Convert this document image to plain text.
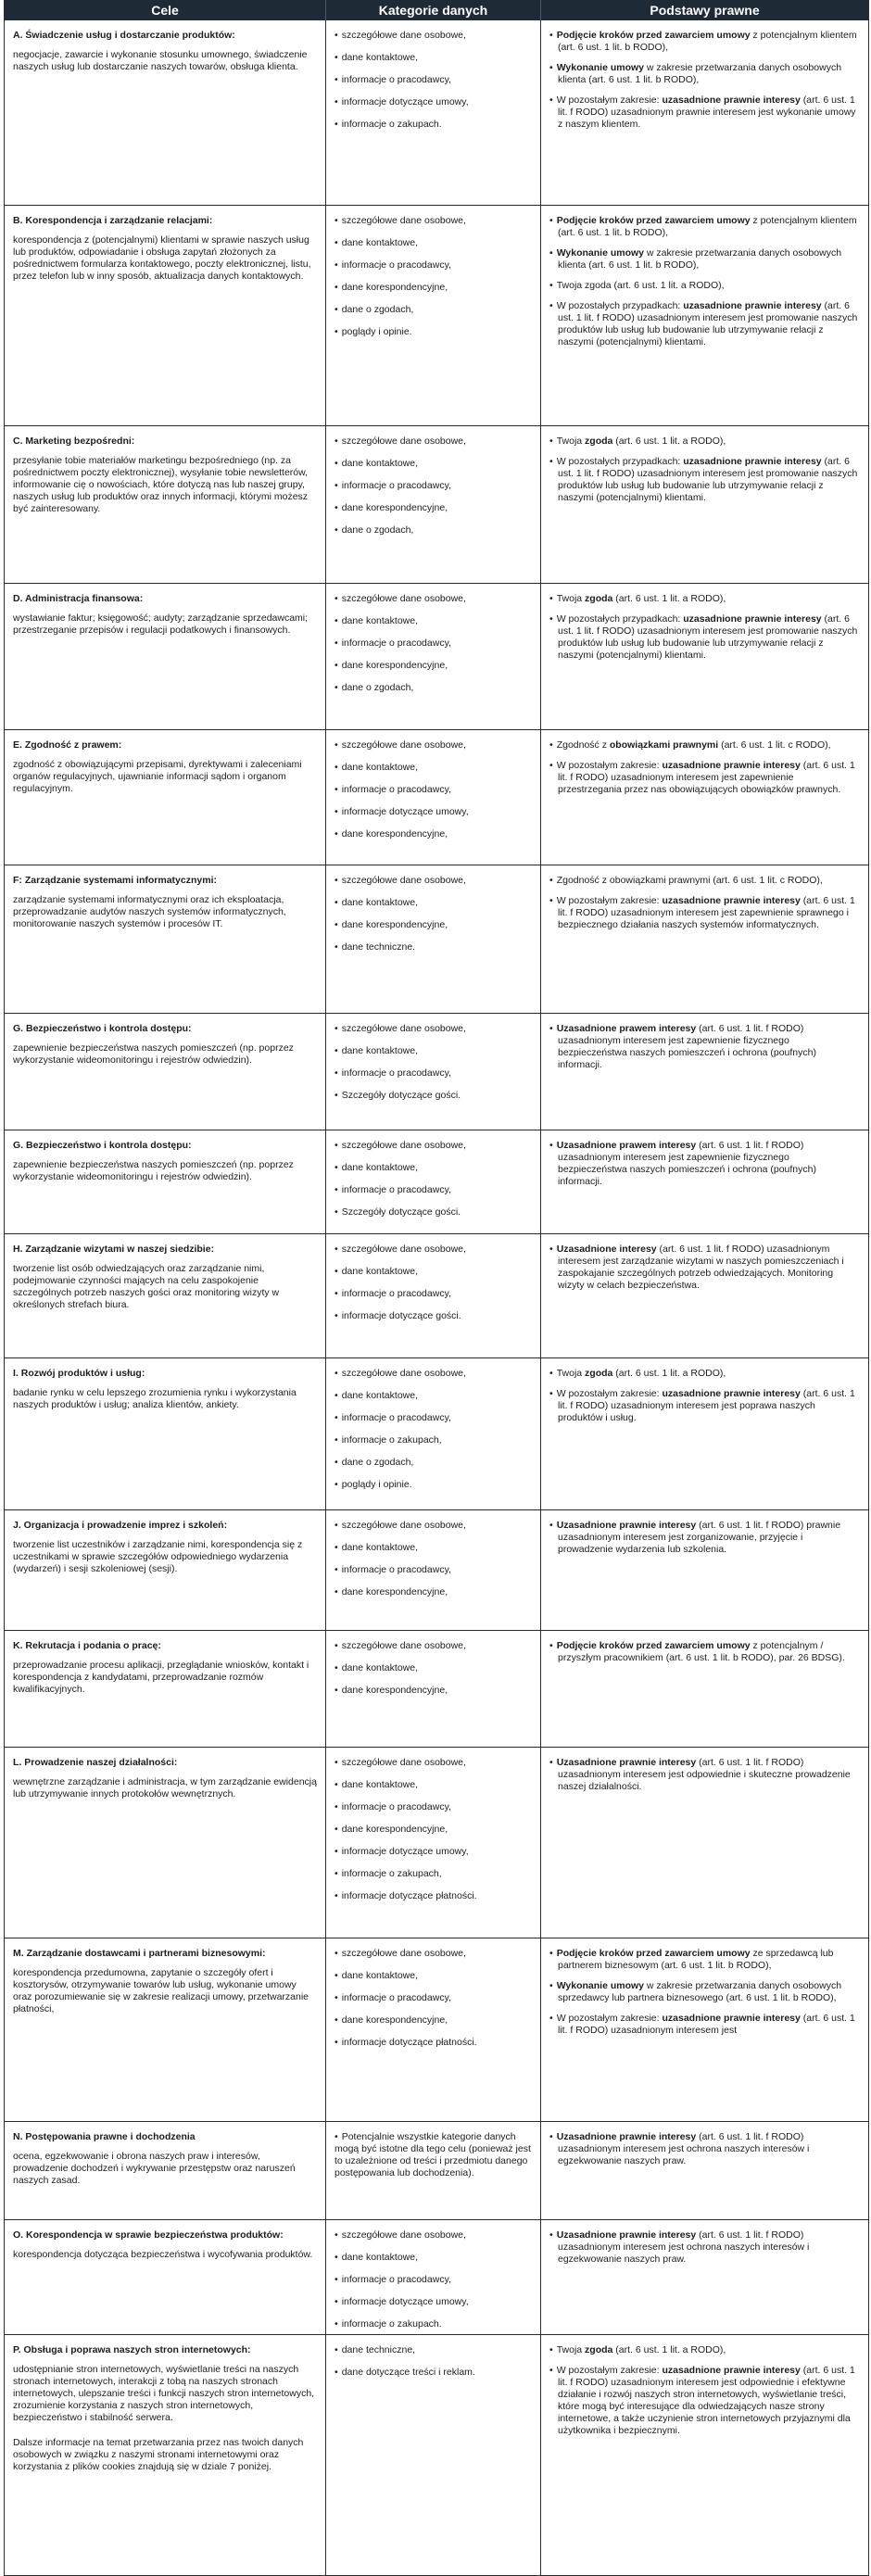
Cele	Kategorie danych	Podstawy prawne
A. Świadczenie usług i dostarczanie produktów:

negocjacje, zawarcie i wykonanie stosunku umownego, świadczenie naszych usług lub dostarczanie naszych towarów, obsługa klienta.

• szczegółowe dane osobowe,
• dane kontaktowe,
• informacje o pracodawcy,
• informacje dotyczące umowy,
• informacje o zakupach.
• Podjęcie kroków przed zawarciem umowy z potencjalnym klientem (art. 6 ust. 1 lit. b RODO),
• Wykonanie umowy w zakresie przetwarzania danych osobowych klienta (art. 6 ust. 1 lit. b RODO),
• W pozostałym zakresie: uzasadnione prawnie interesy (art. 6 ust. 1 lit. f RODO) uzasadnionym prawnie interesem jest wykonanie umowy z naszym klientem.
B. Korespondencja i zarządzanie relacjami:

korespondencja z (potencjalnymi) klientami w sprawie naszych usług lub produktów, odpowiadanie i obsługa zapytań złożonych za pośrednictwem formularza kontaktowego, poczty elektronicznej, listu, przez telefon lub w inny sposób, aktualizacja danych kontaktowych.

• szczegółowe dane osobowe,
• dane kontaktowe,
• informacje o pracodawcy,
• dane korespondencyjne,
• dane o zgodach,
• poglądy i opinie.
• Podjęcie kroków przed zawarciem umowy z potencjalnym klientem (art. 6 ust. 1 lit. b RODO),
• Wykonanie umowy w zakresie przetwarzania danych osobowych klienta (art. 6 ust. 1 lit. b RODO),
• Twoja zgoda (art. 6 ust. 1 lit. a RODO),
• W pozostałych przypadkach: uzasadnione prawnie interesy (art. 6 ust. 1 lit. f RODO) uzasadnionym interesem jest promowanie naszych produktów lub usług lub budowanie lub utrzymywanie relacji z naszymi (potencjalnymi) klientami.
C. Marketing bezpośredni:

przesyłanie tobie materiałów marketingu bezpośredniego (np. za pośrednictwem poczty elektronicznej), wysyłanie tobie newsletterów, informowanie cię o nowościach, które dotyczą nas lub naszej grupy, naszych usług lub produktów oraz innych informacji, którymi możesz być zainteresowany.

• szczegółowe dane osobowe,
• dane kontaktowe,
• informacje o pracodawcy,
• dane korespondencyjne,
• dane o zgodach,
• Twoja zgoda (art. 6 ust. 1 lit. a RODO),
• W pozostałych przypadkach: uzasadnione prawnie interesy (art. 6 ust. 1 lit. f RODO) uzasadnionym interesem jest promowanie naszych produktów lub usług lub budowanie lub utrzymywanie relacji z naszymi (potencjalnymi) klientami.
D. Administracja finansowa:

wystawianie faktur; księgowość; audyty; zarządzanie sprzedawcami; przestrzeganie przepisów i regulacji podatkowych i finansowych.

• szczegółowe dane osobowe,
• dane kontaktowe,
• informacje o pracodawcy,
• dane korespondencyjne,
• dane o zgodach,
• Twoja zgoda (art. 6 ust. 1 lit. a RODO),
• W pozostałych przypadkach: uzasadnione prawnie interesy (art. 6 ust. 1 lit. f RODO) uzasadnionym interesem jest promowanie naszych produktów lub usług lub budowanie lub utrzymywanie relacji z naszymi (potencjalnymi) klientami.
E. Zgodność z prawem:

zgodność z obowiązującymi przepisami, dyrektywami i zaleceniami organów regulacyjnych, ujawnianie informacji sądom i organom regulacyjnym.

• szczegółowe dane osobowe,
• dane kontaktowe,
• informacje o pracodawcy,
• informacje dotyczące umowy,
• dane korespondencyjne,
• Zgodność z obowiązkami prawnymi (art. 6 ust. 1 lit. c RODO),
• W pozostałym zakresie: uzasadnione prawnie interesy (art. 6 ust. 1 lit. f RODO) uzasadnionym interesem jest zapewnienie przestrzegania przez nas obowiązujących obowiązków prawnych.
F: Zarządzanie systemami informatycznymi:

zarządzanie systemami informatycznymi oraz ich eksploatacja, przeprowadzanie audytów naszych systemów informatycznych, monitorowanie naszych systemów i procesów IT.

• szczegółowe dane osobowe,
• dane kontaktowe,
• dane korespondencyjne,
• dane techniczne.
• Zgodność z obowiązkami prawnymi (art. 6 ust. 1 lit. c RODO),
• W pozostałym zakresie: uzasadnione prawnie interesy (art. 6 ust. 1 lit. f RODO) uzasadnionym interesem jest zapewnienie sprawnego i bezpiecznego działania naszych systemów informatycznych.
G. Bezpieczeństwo i kontrola dostępu:

zapewnienie bezpieczeństwa naszych pomieszczeń (np. poprzez wykorzystanie wideomonitoringu i rejestrów odwiedzin).

• szczegółowe dane osobowe,
• dane kontaktowe,
• informacje o pracodawcy,
• Szczegóły dotyczące gości.
• Uzasadnione prawem interesy (art. 6 ust. 1 lit. f RODO) uzasadnionym interesem jest zapewnienie fizycznego bezpieczeństwa naszych pomieszczeń i ochrona (poufnych) informacji.
G. Bezpieczeństwo i kontrola dostępu:

zapewnienie bezpieczeństwa naszych pomieszczeń (np. poprzez wykorzystanie wideomonitoringu i rejestrów odwiedzin).

• szczegółowe dane osobowe,
• dane kontaktowe,
• informacje o pracodawcy,
• Szczegóły dotyczące gości.
• Uzasadnione prawem interesy (art. 6 ust. 1 lit. f RODO) uzasadnionym interesem jest zapewnienie fizycznego bezpieczeństwa naszych pomieszczeń i ochrona (poufnych) informacji.
H. Zarządzanie wizytami w naszej siedzibie:

tworzenie list osób odwiedzających oraz zarządzanie nimi, podejmowanie czynności mających na celu zaspokojenie szczególnych potrzeb naszych gości oraz monitoring wizyty w określonych strefach biura.

• szczegółowe dane osobowe,
• dane kontaktowe,
• informacje o pracodawcy,
• informacje dotyczące gości.
• Uzasadnione interesy (art. 6 ust. 1 lit. f RODO) uzasadnionym interesem jest zarządzanie wizytami w naszych pomieszczeniach i zaspokajanie szczególnych potrzeb odwiedzających. Monitoring wizyty w celach bezpieczeństwa.
I. Rozwój produktów i usług:

badanie rynku w celu lepszego zrozumienia rynku i wykorzystania naszych produktów i usług; analiza klientów, ankiety.

• szczegółowe dane osobowe,
• dane kontaktowe,
• informacje o pracodawcy,
• informacje o zakupach,
• dane o zgodach,
• poglądy i opinie.
• Twoja zgoda (art. 6 ust. 1 lit. a RODO),
• W pozostałym zakresie: uzasadnione prawnie interesy (art. 6 ust. 1 lit. f RODO) uzasadnionym interesem jest poprawa naszych produktów i usług.
J. Organizacja i prowadzenie imprez i szkoleń:

tworzenie list uczestników i zarządzanie nimi, korespondencja się z uczestnikami w sprawie szczegółów odpowiedniego wydarzenia (wydarzeń) i sesji szkoleniowej (sesji).

• szczegółowe dane osobowe,
• dane kontaktowe,
• informacje o pracodawcy,
• dane korespondencyjne,
• Uzasadnione prawnie interesy (art. 6 ust. 1 lit. f RODO) prawnie uzasadnionym interesem jest zorganizowanie, przyjęcie i prowadzenie wydarzenia lub szkolenia.
K. Rekrutacja i podania o pracę:

przeprowadzanie procesu aplikacji, przeglądanie wniosków, kontakt i korespondencja z kandydatami, przeprowadzanie rozmów kwalifikacyjnych.

• szczegółowe dane osobowe,
• dane kontaktowe,
• dane korespondencyjne,
• Podjęcie kroków przed zawarciem umowy z potencjalnym / przyszłym pracownikiem (art. 6 ust. 1 lit. b RODO), par. 26 BDSG).
L. Prowadzenie naszej działalności:

wewnętrzne zarządzanie i administracja, w tym zarządzanie ewidencją lub utrzymywanie innych protokołów wewnętrznych.

• szczegółowe dane osobowe,
• dane kontaktowe,
• informacje o pracodawcy,
• dane korespondencyjne,
• informacje dotyczące umowy,
• informacje o zakupach,
• informacje dotyczące płatności.
• Uzasadnione prawnie interesy (art. 6 ust. 1 lit. f RODO) uzasadnionym interesem jest odpowiednie i skuteczne prowadzenie naszej działalności.
M. Zarządzanie dostawcami i partnerami biznesowymi:

korespondencja przedumowna, zapytanie o szczegóły ofert i kosztorysów, otrzymywanie towarów lub usług, wykonanie umowy oraz porozumiewanie się w zakresie realizacji umowy, przetwarzanie płatności,

• szczegółowe dane osobowe,
• dane kontaktowe,
• informacje o pracodawcy,
• dane korespondencyjne,
• informacje dotyczące płatności.
• Podjęcie kroków przed zawarciem umowy ze sprzedawcą lub partnerem biznesowym (art. 6 ust. 1 lit. b RODO),
• Wykonanie umowy w zakresie przetwarzania danych osobowych sprzedawcy lub partnera biznesowego (art. 6 ust. 1 lit. b RODO),
• W pozostałym zakresie: uzasadnione prawnie interesy (art. 6 ust. 1 lit. f RODO) uzasadnionym interesem jest
N. Postępowania prawne i dochodzenia

ocena, egzekwowanie i obrona naszych praw i interesów, prowadzenie dochodzeń i wykrywanie przestępstw oraz naruszeń naszych zasad.

• Potencjalnie wszystkie kategorie danych mogą być istotne dla tego celu (ponieważ jest to uzależnione od treści i przedmiotu danego postępowania lub dochodzenia).
• Uzasadnione prawnie interesy (art. 6 ust. 1 lit. f RODO) uzasadnionym interesem jest ochrona naszych interesów i egzekwowanie naszych praw.
O. Korespondencja w sprawie bezpieczeństwa produktów:

korespondencja dotycząca bezpieczeństwa i wycofywania produktów.

• szczegółowe dane osobowe,
• dane kontaktowe,
• informacje o pracodawcy,
• informacje dotyczące umowy,
• informacje o zakupach.
• Uzasadnione prawnie interesy (art. 6 ust. 1 lit. f RODO) uzasadnionym interesem jest ochrona naszych interesów i egzekwowanie naszych praw.
P. Obsługa i poprawa naszych stron internetowych:

udostępnianie stron internetowych, wyświetlanie treści na naszych stronach internetowych, interakcji z tobą na naszych stronach internetowych, ulepszanie treści i funkcji naszych stron internetowych, zrozumienie korzystania z naszych stron internetowych, bezpieczeństwo i stabilność serwera.

Dalsze informacje na temat przetwarzania przez nas twoich danych osobowych w związku z naszymi stronami internetowymi oraz korzystania z plików cookies znajdują się w dziale 7 poniżej.

• dane techniczne,
• dane dotyczące treści i reklam.
• Twoja zgoda (art. 6 ust. 1 lit. a RODO),
• W pozostałym zakresie: uzasadnione prawnie interesy (art. 6 ust. 1 lit. f RODO) uzasadnionym interesem jest odpowiednie i efektywne działanie i rozwój naszych stron internetowych, wyświetlanie treści, które mogą być interesujące dla odwiedzających nasze strony internetowe, a także uczynienie stron internetowych przyjaznymi dla użytkownika i bezpiecznymi.
